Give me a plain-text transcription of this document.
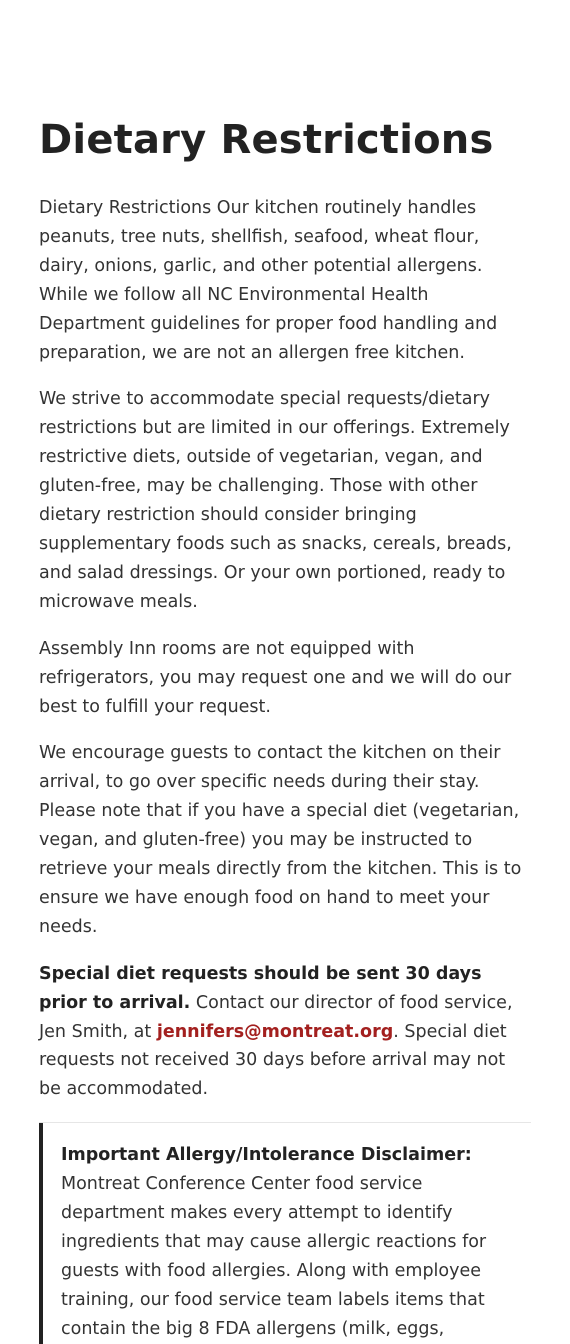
Dietary Restrictions

Dietary Restrictions Our kitchen routinely handles peanuts, tree nuts, shellfish, seafood, wheat flour, dairy, onions, garlic, and other potential allergens. While we follow all NC Environmental Health Department guidelines for proper food handling and preparation, we are not an allergen free kitchen.

We strive to accommodate special requests/dietary restrictions but are limited in our offerings. Extremely restrictive diets, outside of vegetarian, vegan, and gluten-free, may be challenging. Those with other dietary restriction should consider bringing supplementary foods such as snacks, cereals, breads, and salad dressings. Or your own portioned, ready to microwave meals.

Assembly Inn rooms are not equipped with refrigerators, you may request one and we will do our best to fulfill your request.

We encourage guests to contact the kitchen on their arrival, to go over specific needs during their stay. Please note that if you have a special diet (vegetarian, vegan, and gluten-free) you may be instructed to retrieve your meals directly from the kitchen. This is to ensure we have enough food on hand to meet your needs.

Special diet requests should be sent 30 days prior to arrival. Contact our director of food service, Jen Smith, at jennifers@montreat.org. Special diet requests not received 30 days before arrival may not be accommodated.

Important Allergy/Intolerance Disclaimer: Montreat Conference Center food service department makes every attempt to identify ingredients that may cause allergic reactions for guests with food allergies. Along with employee training, our food service team labels items that contain the big 8 FDA allergens (milk, eggs,
